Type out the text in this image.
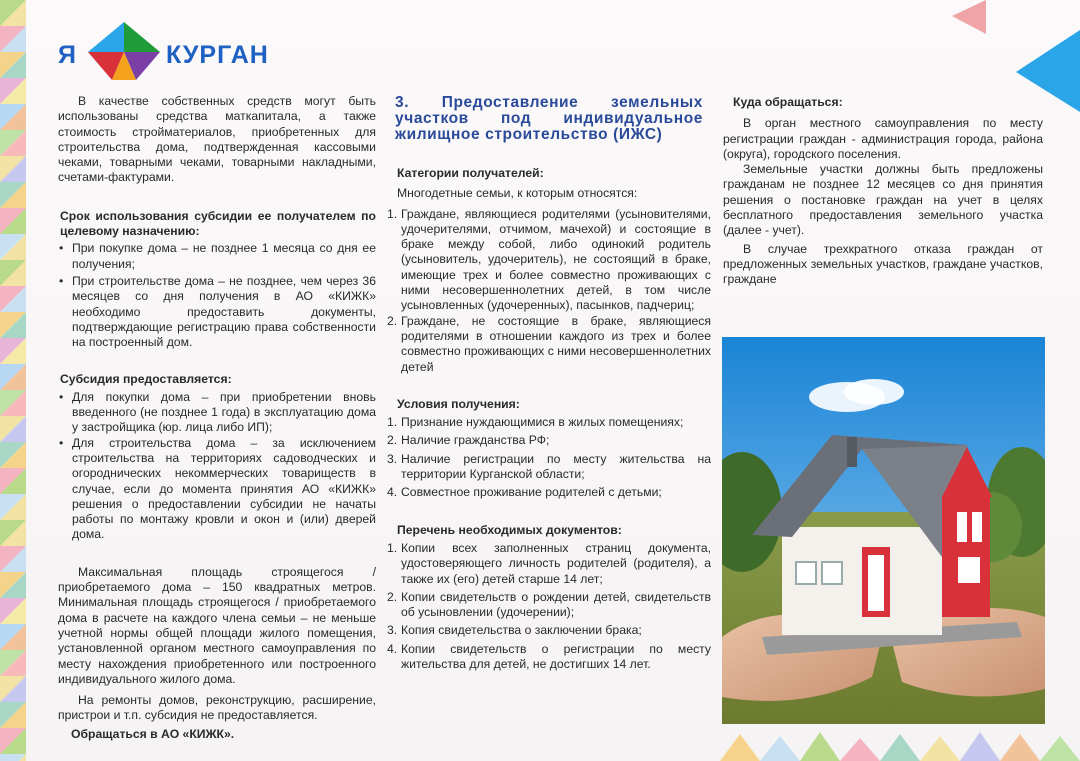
Я	КУРГАН

В качестве собственных средств могут быть использованы средства маткапитала, а также стоимость стройматериалов, приобретенных для строительства дома, подтвержденная кассовыми чеками, товарными чеками, товарными накладными, счетами-фактурами.

Срок использования субсидии ее получателем по целевому назначению:

• При покупке дома – не позднее 1 месяца со дня ее получения;
• При строительстве дома – не позднее, чем через 36 месяцев со дня получения в АО «КИЖК» необходимо предоставить документы, подтверждающие регистрацию права собственности на построенный дом.

Субсидия предоставляется:

• Для покупки дома – при приобретении вновь введенного (не позднее 1 года) в эксплуатацию дома у застройщика (юр. лица либо ИП);
• Для строительства дома – за исключением строительства на территориях садоводческих и огороднических некоммерческих товариществ в случае, если до момента принятия АО «КИЖК» решения о предоставлении субсидии не начаты работы по монтажу кровли и окон и (или) дверей дома.

Максимальная площадь строящегося / приобретаемого дома – 150 квадратных метров. Минимальная площадь строящегося / приобретаемого дома в расчете на каждого члена семьи – не меньше учетной нормы общей площади жилого помещения, установленной органом местного самоуправления по месту нахождения приобретенного или построенного индивидуального жилого дома.

На ремонты домов, реконструкцию, расширение, пристрои и т.п. субсидия не предоставляется.

Обращаться в АО «КИЖК».

3. Предоставление земельных участков под индивидуальное жилищное строительство (ИЖС)

Категории получателей:

Многодетные семьи, к которым относятся:

1. Граждане, являющиеся родителями (усыновителями, удочерителями, отчимом, мачехой) и состоящие в браке между собой, либо одинокий родитель (усыновитель, удочеритель), не состоящий в браке, имеющие трех и более совместно проживающих с ними несовершеннолетних детей, в том числе усыновленных (удочеренных), пасынков, падчериц;
2. Граждане, не состоящие в браке, являющиеся родителями в отношении каждого из трех и более совместно проживающих с ними несовершеннолетних детей

Условия получения:

1. Признание нуждающимися в жилых помещениях;
2. Наличие гражданства РФ;
3. Наличие регистрации по месту жительства на территории Курганской области;
4. Совместное проживание родителей с детьми;

Перечень необходимых документов:

1. Копии всех заполненных страниц документа, удостоверяющего личность родителей (родителя), а также их (его) детей старше 14 лет;
2. Копии свидетельств о рождении детей, свидетельств об усыновлении (удочерении);
3. Копия свидетельства о заключении брака;
4. Копии свидетельств о регистрации по месту жительства для детей, не достигших 14 лет.

Куда обращаться:

В орган местного самоуправления по месту регистрации граждан - администрация города, района (округа), городского поселения.

Земельные участки должны быть предложены гражданам не позднее 12 месяцев со дня принятия решения о постановке граждан на учет в целях бесплатного предоставления земельного участка (далее - учет).

В случае трехкратного отказа граждан от предложенных земельных участков, граждане участков, граждане
